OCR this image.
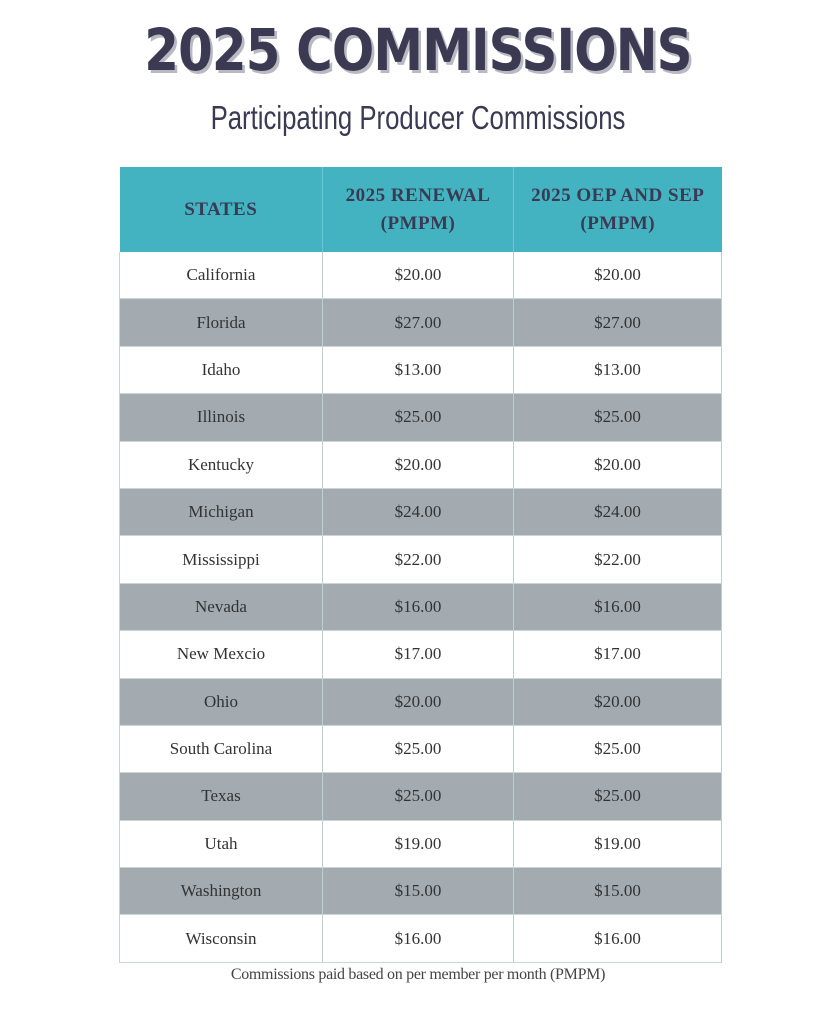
2025 COMMISSIONS
Participating Producer Commissions
STATES	2025 RENEWAL (PMPM)	2025 OEP AND SEP (PMPM)
California	$20.00	$20.00
Florida	$27.00	$27.00
Idaho	$13.00	$13.00
Illinois	$25.00	$25.00
Kentucky	$20.00	$20.00
Michigan	$24.00	$24.00
Mississippi	$22.00	$22.00
Nevada	$16.00	$16.00
New Mexcio	$17.00	$17.00
Ohio	$20.00	$20.00
South Carolina	$25.00	$25.00
Texas	$25.00	$25.00
Utah	$19.00	$19.00
Washington	$15.00	$15.00
Wisconsin	$16.00	$16.00
Commissions paid based on per member per month (PMPM)
